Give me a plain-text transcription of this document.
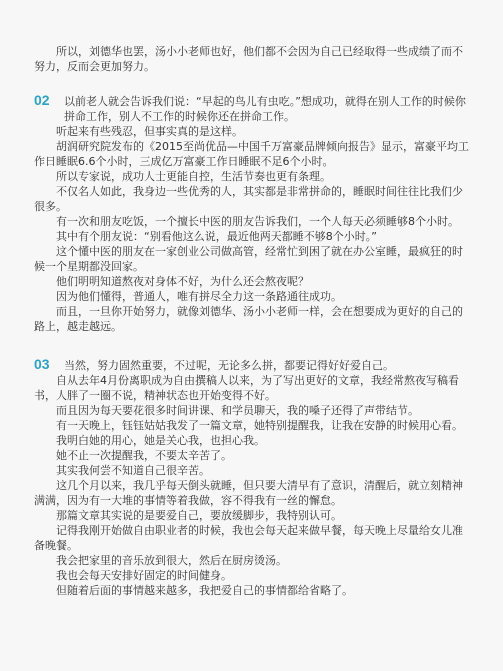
所以，刘德华也罢，汤小小老师也好，他们都不会因为自己已经取得一些成绩了而不努力，反而会更加努力。

02	以前老人就会告诉我们说：“早起的鸟儿有虫吃。”想成功，就得在别人工作的时候你拼命工作，别人不工作的时候你还在拼命工作。

听起来有些残忍，但事实真的是这样。

胡润研究院发布的《2015至尚优品—中国千万富豪品牌倾向报告》显示，富豪平均工作日睡眠6.6个小时，三成亿万富豪工作日睡眠不足6个小时。

所以专家说，成功人士更能自控，生活节奏也更有条理。

不仅名人如此，我身边一些优秀的人，其实都是非常拼命的，睡眠时间往往比我们少很多。

有一次和朋友吃饭，一个擅长中医的朋友告诉我们，一个人每天必须睡够8个小时。

其中有个朋友说：“别看他这么说，最近他两天都睡不够8个小时。”

这个懂中医的朋友在一家创业公司做高管，经常忙到困了就在办公室睡，最疯狂的时候一个星期都没回家。

他们明明知道熬夜对身体不好，为什么还会熬夜呢？

因为他们懂得，普通人，唯有拼尽全力这一条路通往成功。

而且，一旦你开始努力，就像刘德华、汤小小老师一样，会在想要成为更好的自己的路上，越走越远。

03	当然，努力固然重要，不过呢，无论多么拼，都要记得好好爱自己。

自从去年4月份离职成为自由撰稿人以来，为了写出更好的文章，我经常熬夜写稿看书，人胖了一圈不说，精神状态也开始变得不好。

而且因为每天要花很多时间讲课、和学员聊天，我的嗓子还得了声带结节。

有一天晚上，钰钰姑姑我发了一篇文章，她特别提醒我，让我在安静的时候用心看。

我明白她的用心，她是关心我，也担心我。

她不止一次提醒我，不要太辛苦了。

其实我何尝不知道自己很辛苦。

这几个月以来，我几乎每天倒头就睡，但只要大清早有了意识，清醒后，就立刻精神满满，因为有一大堆的事情等着我做，容不得我有一丝的懈怠。

那篇文章其实说的是要爱自己，要放缓脚步，我特别认可。

记得我刚开始做自由职业者的时候，我也会每天起来做早餐，每天晚上尽量给女儿准备晚餐。

我会把家里的音乐放到很大，然后在厨房烫汤。

我也会每天安排好固定的时间健身。

但随着后面的事情越来越多，我把爱自己的事情都给省略了。
